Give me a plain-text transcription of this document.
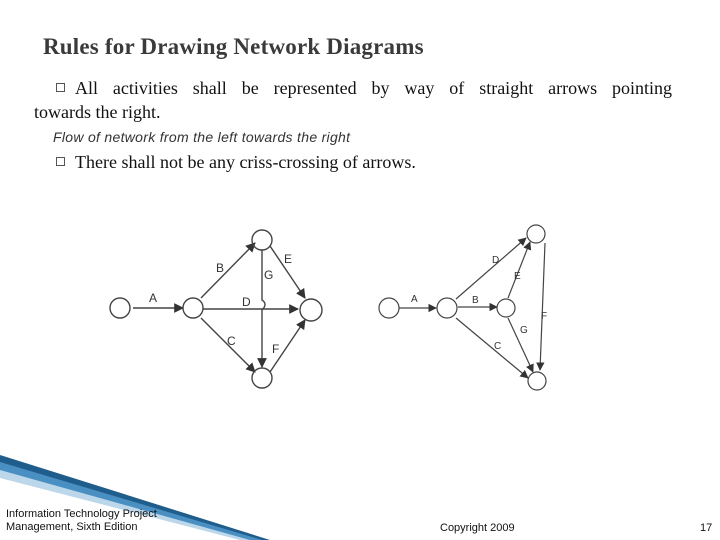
Rules for Drawing Network Diagrams
All activities shall be represented by way of straight arrows pointing
towards the right.
Flow of network from the left towards the right
There shall not be any criss-crossing of arrows.
A
B
C
D
E
F
G
A	B
C
D
E
F
G
Information Technology Project
Management, Sixth Edition	Copyright 2009	17
